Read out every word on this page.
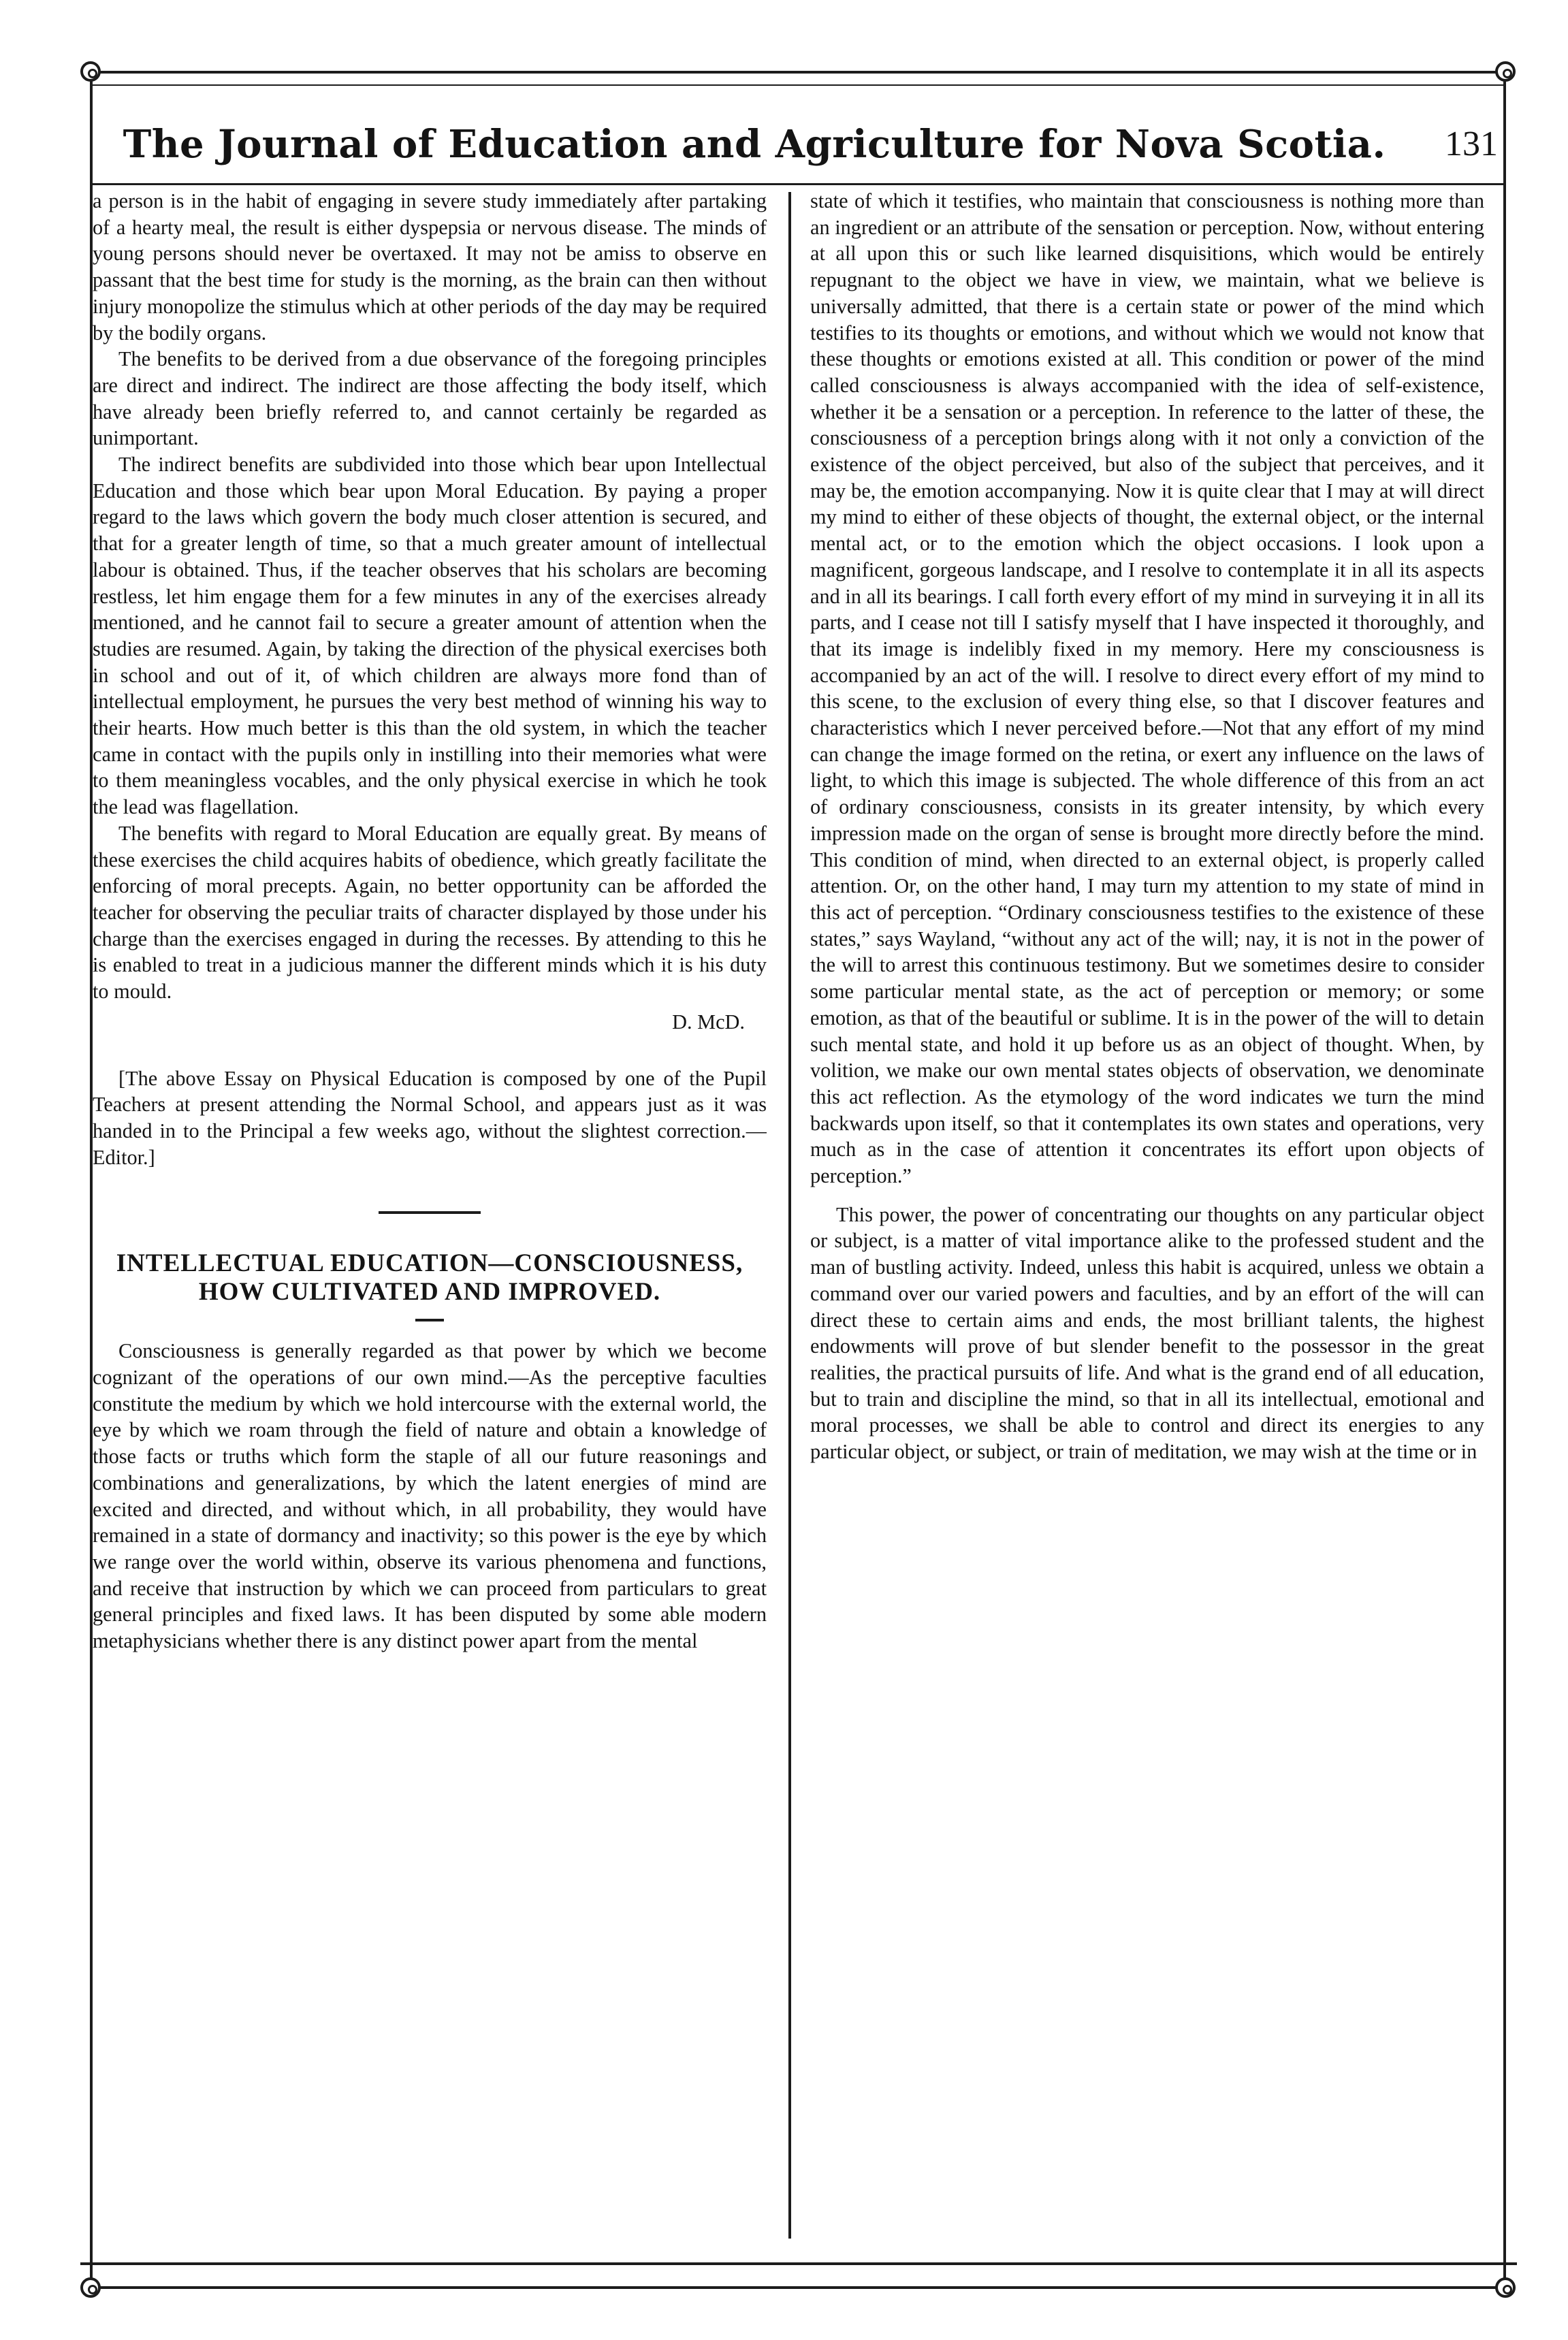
The Journal of Education and Agriculture for Nova Scotia.	131

a person is in the habit of engaging in severe study immediately after partaking of a hearty meal, the result is either dyspepsia or nervous disease. The minds of young persons should never be overtaxed. It may not be amiss to observe en passant that the best time for study is the morning, as the brain can then without injury monopolize the stimulus which at other periods of the day may be required by the bodily organs.

The benefits to be derived from a due observance of the foregoing principles are direct and indirect. The indirect are those affecting the body itself, which have already been briefly referred to, and cannot certainly be regarded as unimportant.

The indirect benefits are subdivided into those which bear upon Intellectual Education and those which bear upon Moral Education. By paying a proper regard to the laws which govern the body much closer attention is secured, and that for a greater length of time, so that a much greater amount of intellectual labour is obtained. Thus, if the teacher observes that his scholars are becoming restless, let him engage them for a few minutes in any of the exercises already mentioned, and he cannot fail to secure a greater amount of attention when the studies are resumed. Again, by taking the direction of the physical exercises both in school and out of it, of which children are always more fond than of intellectual employment, he pursues the very best method of winning his way to their hearts. How much better is this than the old system, in which the teacher came in contact with the pupils only in instilling into their memories what were to them meaningless vocables, and the only physical exercise in which he took the lead was flagellation.

The benefits with regard to Moral Education are equally great. By means of these exercises the child acquires habits of obedience, which greatly facilitate the enforcing of moral precepts. Again, no better opportunity can be afforded the teacher for observing the peculiar traits of character displayed by those under his charge than the exercises engaged in during the recesses. By attending to this he is enabled to treat in a judicious manner the different minds which it is his duty to mould.

D. McD.

[The above Essay on Physical Education is composed by one of the Pupil Teachers at present attending the Normal School, and appears just as it was handed in to the Principal a few weeks ago, without the slightest correction.—Editor.]

INTELLECTUAL EDUCATION—CONSCIOUSNESS, HOW CULTIVATED AND IMPROVED.

Consciousness is generally regarded as that power by which we become cognizant of the operations of our own mind.—As the perceptive faculties constitute the medium by which we hold intercourse with the external world, the eye by which we roam through the field of nature and obtain a knowledge of those facts or truths which form the staple of all our future reasonings and combinations and generalizations, by which the latent energies of mind are excited and directed, and without which, in all probability, they would have remained in a state of dormancy and inactivity; so this power is the eye by which we range over the world within, observe its various phenomena and functions, and receive that instruction by which we can proceed from particulars to great general principles and fixed laws. It has been disputed by some able modern metaphysicians whether there is any distinct power apart from the mental

state of which it testifies, who maintain that consciousness is nothing more than an ingredient or an attribute of the sensation or perception. Now, without entering at all upon this or such like learned disquisitions, which would be entirely repugnant to the object we have in view, we maintain, what we believe is universally admitted, that there is a certain state or power of the mind which testifies to its thoughts or emotions, and without which we would not know that these thoughts or emotions existed at all. This condition or power of the mind called consciousness is always accompanied with the idea of self-existence, whether it be a sensation or a perception. In reference to the latter of these, the consciousness of a perception brings along with it not only a conviction of the existence of the object perceived, but also of the subject that perceives, and it may be, the emotion accompanying. Now it is quite clear that I may at will direct my mind to either of these objects of thought, the external object, or the internal mental act, or to the emotion which the object occasions. I look upon a magnificent, gorgeous landscape, and I resolve to contemplate it in all its aspects and in all its bearings. I call forth every effort of my mind in surveying it in all its parts, and I cease not till I satisfy myself that I have inspected it thoroughly, and that its image is indelibly fixed in my memory. Here my consciousness is accompanied by an act of the will. I resolve to direct every effort of my mind to this scene, to the exclusion of every thing else, so that I discover features and characteristics which I never perceived before.—Not that any effort of my mind can change the image formed on the retina, or exert any influence on the laws of light, to which this image is subjected. The whole difference of this from an act of ordinary consciousness, consists in its greater intensity, by which every impression made on the organ of sense is brought more directly before the mind. This condition of mind, when directed to an external object, is properly called attention. Or, on the other hand, I may turn my attention to my state of mind in this act of perception. “Ordinary consciousness testifies to the existence of these states,” says Wayland, “without any act of the will; nay, it is not in the power of the will to arrest this continuous testimony. But we sometimes desire to consider some particular mental state, as the act of perception or memory; or some emotion, as that of the beautiful or sublime. It is in the power of the will to detain such mental state, and hold it up before us as an object of thought. When, by volition, we make our own mental states objects of observation, we denominate this act reflection. As the etymology of the word indicates we turn the mind backwards upon itself, so that it contemplates its own states and operations, very much as in the case of attention it concentrates its effort upon objects of perception.”

This power, the power of concentrating our thoughts on any particular object or subject, is a matter of vital importance alike to the professed student and the man of bustling activity. Indeed, unless this habit is acquired, unless we obtain a command over our varied powers and faculties, and by an effort of the will can direct these to certain aims and ends, the most brilliant talents, the highest endowments will prove of but slender benefit to the possessor in the great realities, the practical pursuits of life. And what is the grand end of all education, but to train and discipline the mind, so that in all its intellectual, emotional and moral processes, we shall be able to control and direct its energies to any particular object, or subject, or train of meditation, we may wish at the time or in
